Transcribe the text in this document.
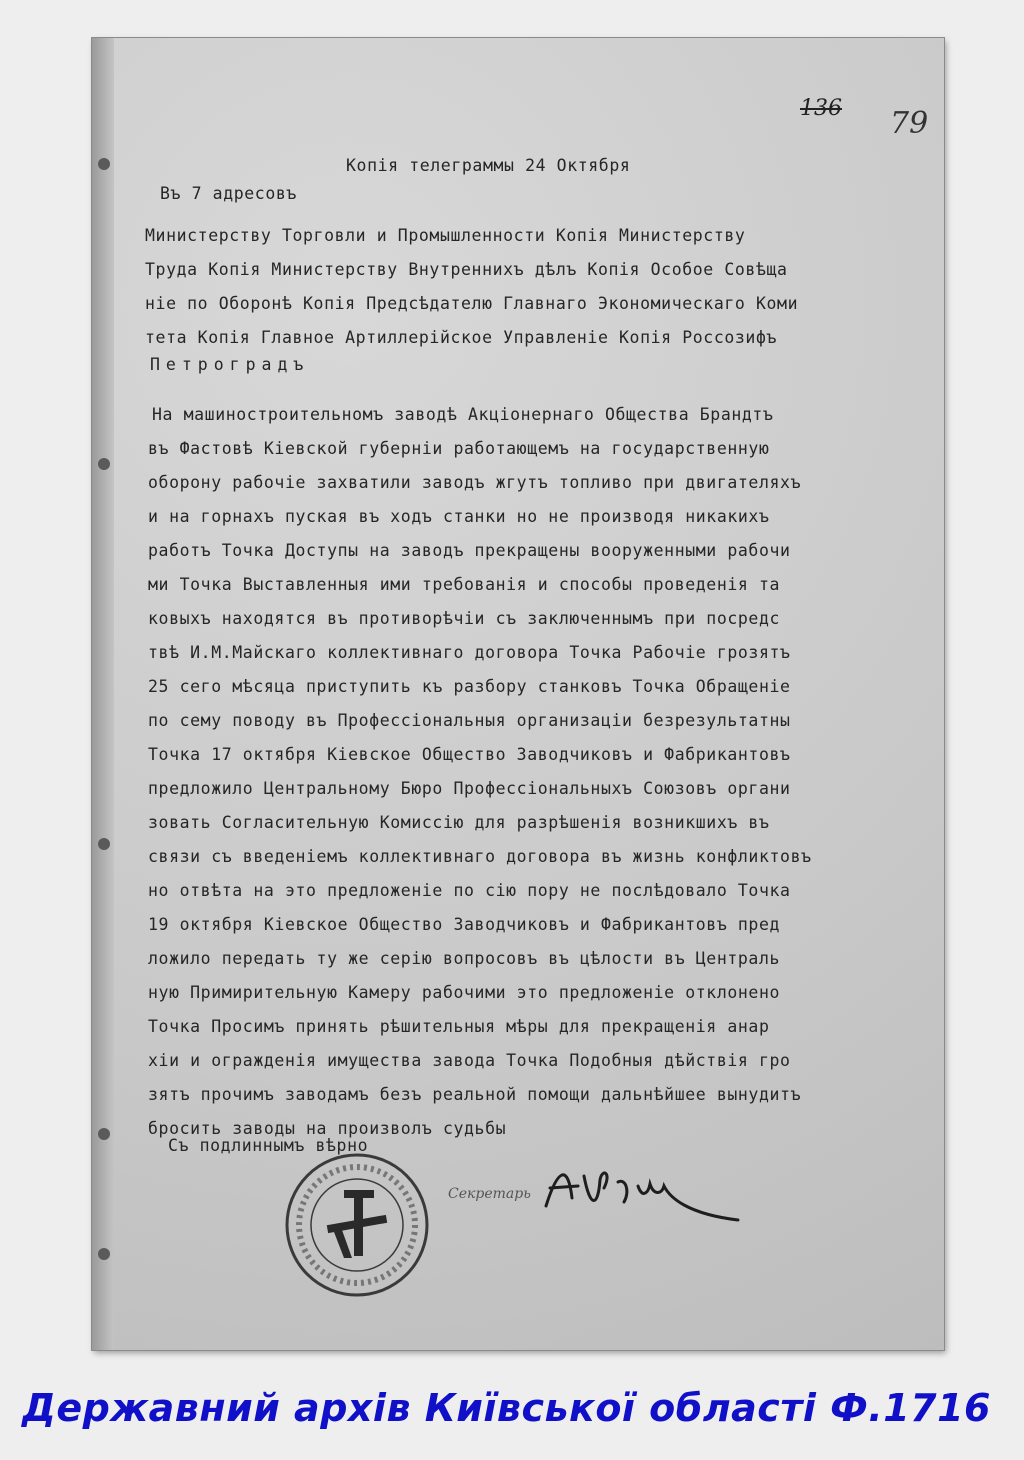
136 79
Копія телеграммы 24 Октября
Въ 7 адресовъ
Министерству Торговли и Промышленности Копія Министерству
Труда Копія Министерству Внутреннихъ дѣлъ Копія Особое Совѣща
ніе по Оборонѣ Копія Предсѣдателю Главнаго Экономическаго Коми
тета Копія Главное Артиллерійское Управленіе Копія Россозифъ
Петроградъ
На машиностроительномъ заводѣ Акціонернаго Общества Брандтъ
въ Фастовѣ Кіевской губерніи работающемъ на государственную
оборону рабочіе захватили заводъ жгутъ топливо при двигателяхъ
и на горнахъ пуская въ ходъ станки но не производя никакихъ
работъ Точка Доступы на заводъ прекращены вооруженными рабочи
ми Точка Выставленныя ими требованія и способы проведенія та
ковыхъ находятся въ противорѣчіи съ заключеннымъ при посредс
твѣ И.М.Майскаго коллективнаго договора Точка Рабочіе грозятъ
25 сего мѣсяца приступить къ разбору станковъ Точка Обращеніе
по сему поводу въ Профессіональныя организаціи безрезультатны
Точка 17 октября Кіевское Общество Заводчиковъ и Фабрикантовъ
предложило Центральному Бюро Профессіональныхъ Союзовъ органи
зовать Согласительную Комиссію для разрѣшенія возникшихъ въ
связи съ введеніемъ коллективнаго договора въ жизнь конфликтовъ
но отвѣта на это предложеніе по сію пору не послѣдовало Точка
19 октября Кіевское Общество Заводчиковъ и Фабрикантовъ пред
ложило передать ту же серію вопросовъ въ цѣлости въ Централь
ную Примирительную Камеру рабочими это предложеніе отклонено
Точка Просимъ принять рѣшительныя мѣры для прекращенія анар
хіи и огражденія имущества завода Точка Подобныя дѣйствія гро
зятъ прочимъ заводамъ безъ реальной помощи дальнѣйшее вынудитъ
бросить заводы на произволъ судьбы
Съ подлиннымъ вѣрно
Секретарь
Державний архів Київської області Ф.1716
